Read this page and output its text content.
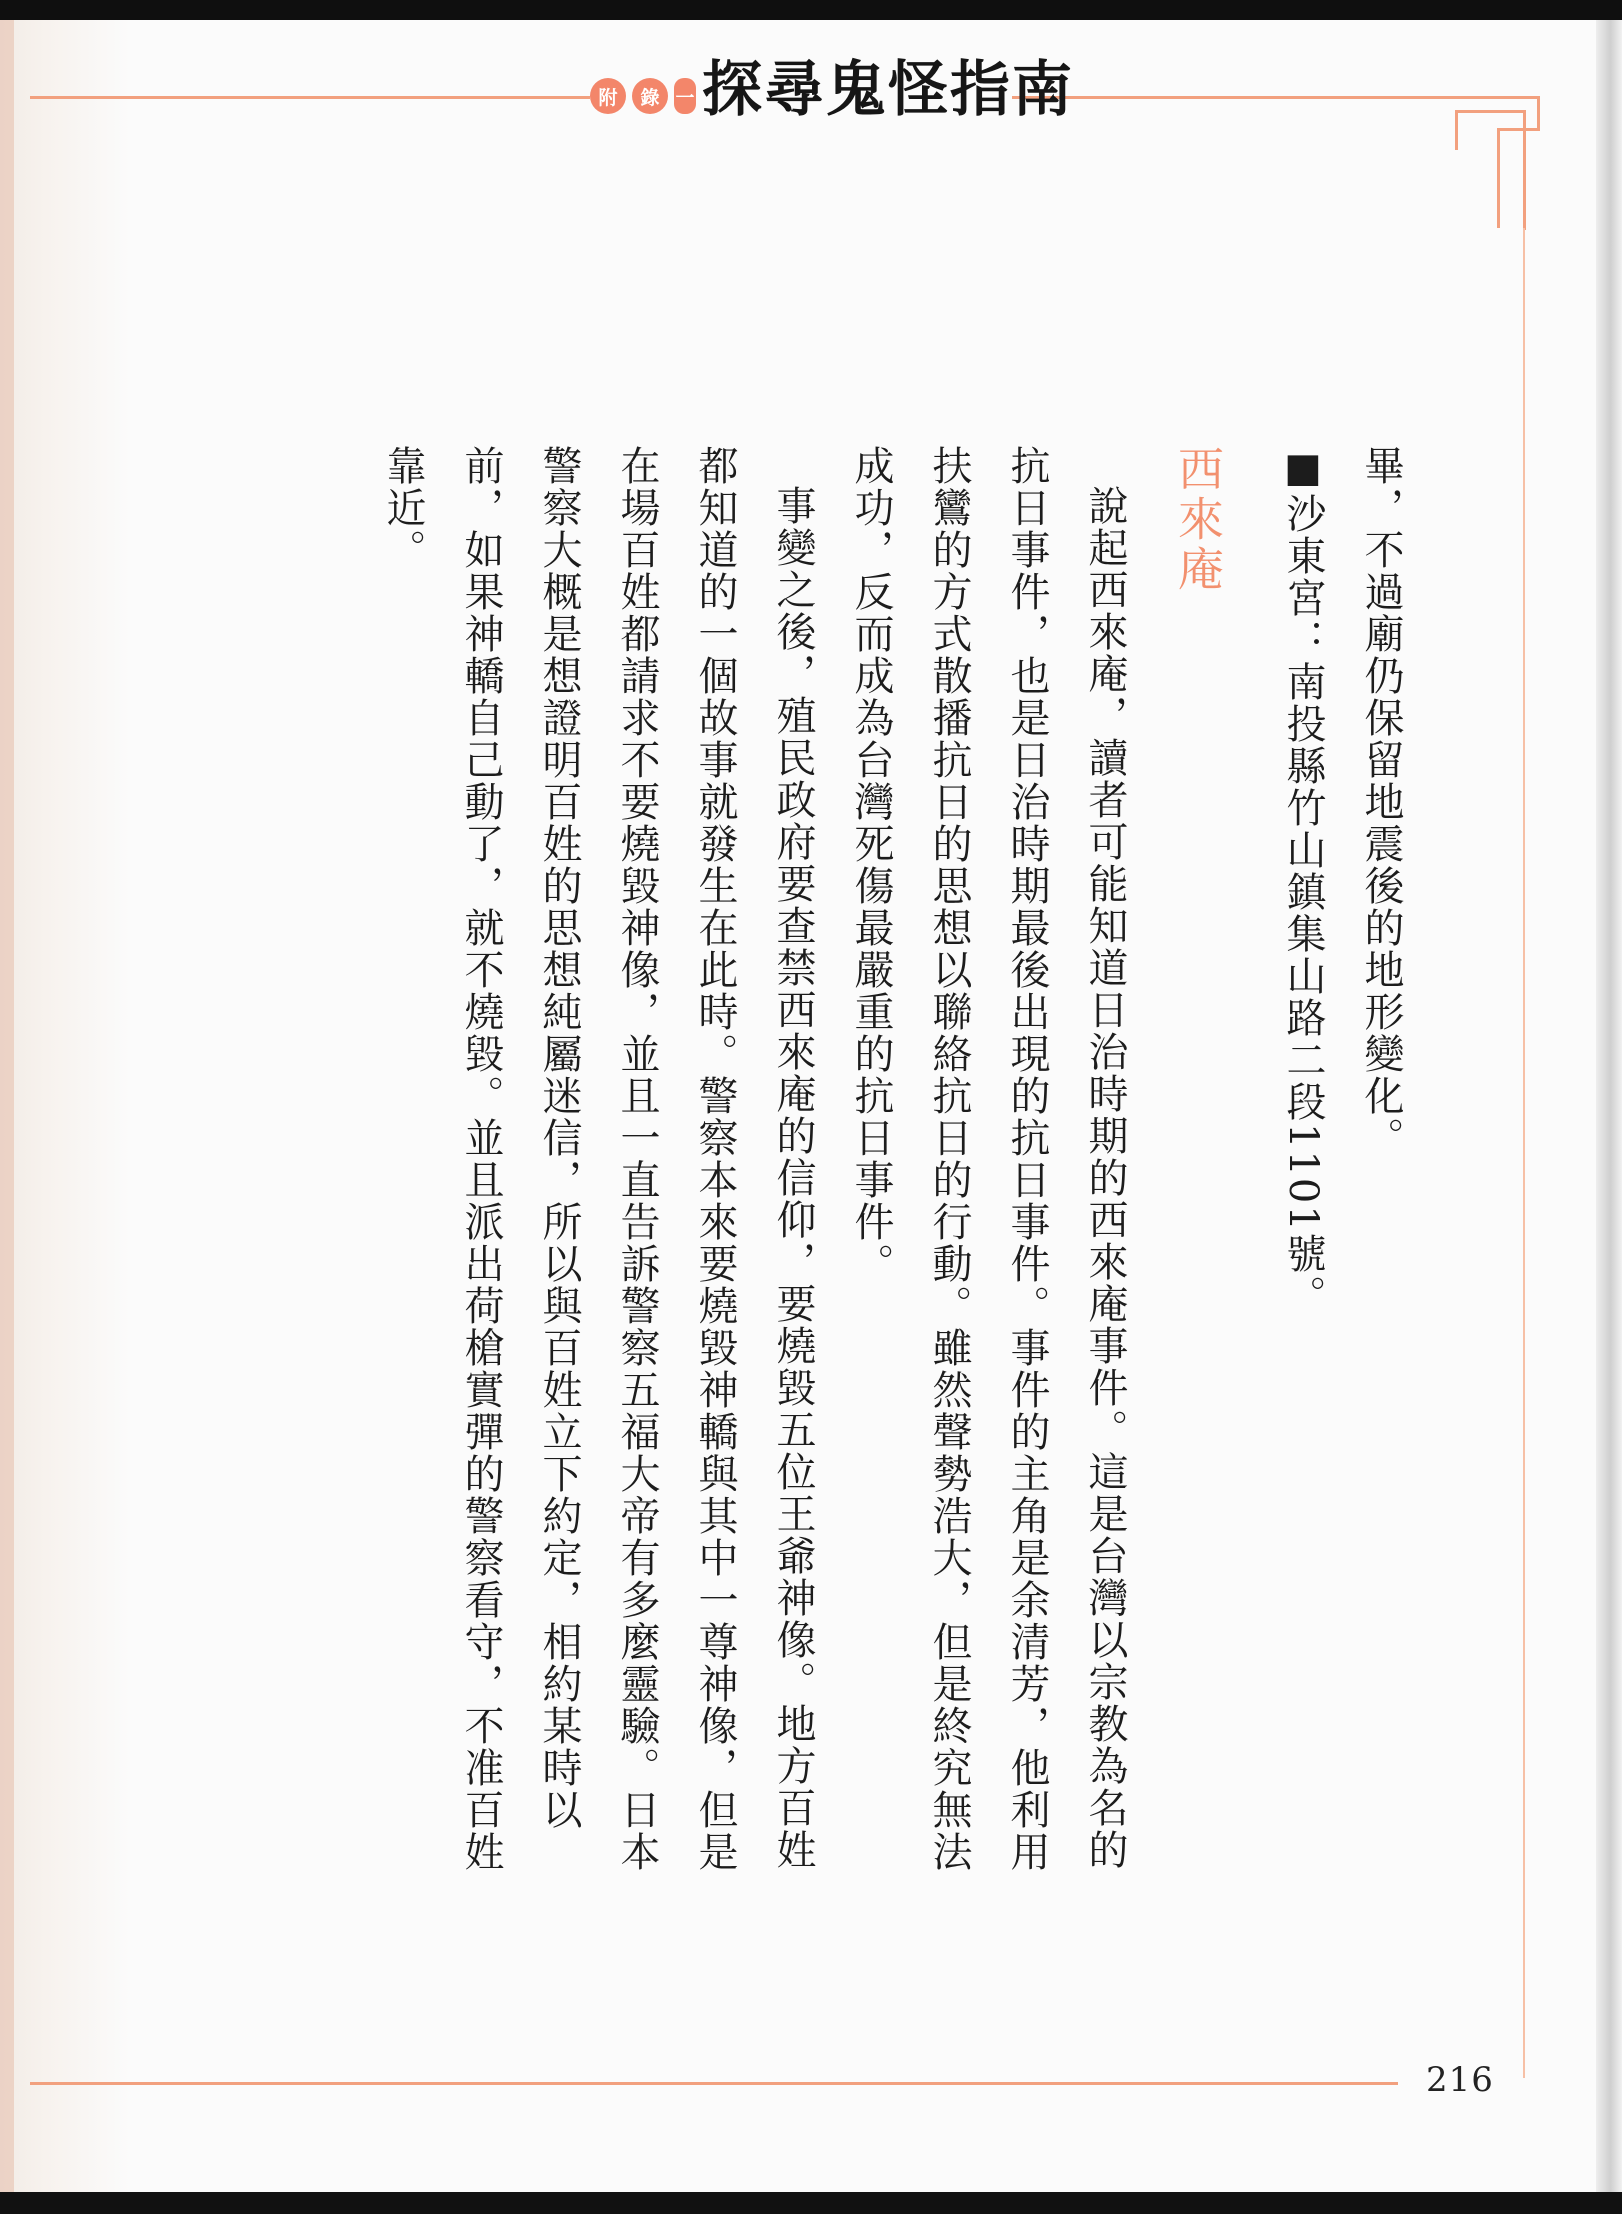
附	錄 一 探尋鬼怪指南

畢，不過廟仍保留地震後的地形變化。

■沙東宮：南投縣竹山鎮集山路二段1101號。

西來庵

說起西來庵，讀者可能知道日治時期的西來庵事件。這是台灣以宗教為名的抗日事件，也是日治時期最後出現的抗日事件。事件的主角是余清芳，他利用扶鸞的方式散播抗日的思想以聯絡抗日的行動。雖然聲勢浩大，但是終究無法成功，反而成為台灣死傷最嚴重的抗日事件。

事變之後，殖民政府要查禁西來庵的信仰，要燒毀五位王爺神像。地方百姓都知道的一個故事就發生在此時。警察本來要燒毀神轎與其中一尊神像，但是在場百姓都請求不要燒毀神像，並且一直告訴警察五福大帝有多麼靈驗。日本警察大概是想證明百姓的思想純屬迷信，所以與百姓立下約定，相約某時以前，如果神轎自己動了，就不燒毀。並且派出荷槍實彈的警察看守，不准百姓靠近。

216
